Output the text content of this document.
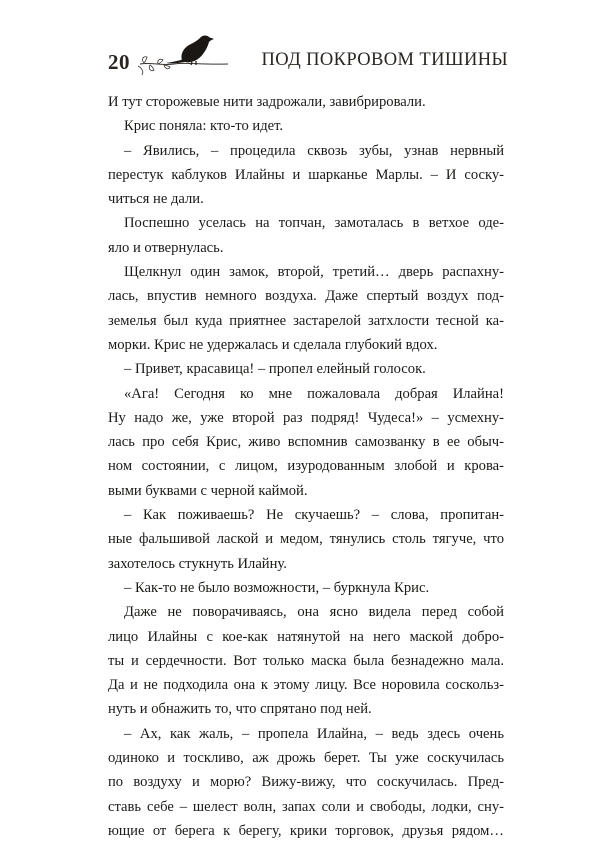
20	ПОД ПОКРОВОМ ТИШИНЫ
И тут сторожевые нити задрожали, завибрировали.
Крис поняла: кто-то идет.
– Явились, – процедила сквозь зубы, узнав нервный
перестук каблуков Илайны и шарканье Марлы. – И соску-
читься не дали.
Поспешно уселась на топчан, замоталась в ветхое оде-
яло и отвернулась.
Щелкнул один замок, второй, третий… дверь распахну-
лась, впустив немного воздуха. Даже спертый воздух под-
земелья был куда приятнее застарелой затхлости тесной ка-
морки. Крис не удержалась и сделала глубокий вдох.
– Привет, красавица! – пропел елейный голосок.
«Ага! Сегодня ко мне пожаловала добрая Илайна!
Ну надо же, уже второй раз подряд! Чудеса!» – усмехну-
лась про себя Крис, живо вспомнив самозванку в ее обыч-
ном состоянии, с лицом, изуродованным злобой и крова-
выми буквами с черной каймой.
– Как поживаешь? Не скучаешь? – слова, пропитан-
ные фальшивой лаской и медом, тянулись столь тягуче, что
захотелось стукнуть Илайну.
– Как-то не было возможности, – буркнула Крис.
Даже не поворачиваясь, она ясно видела перед собой
лицо Илайны с кое-как натянутой на него маской добро-
ты и сердечности. Вот только маска была безнадежно мала.
Да и не подходила она к этому лицу. Все норовила соскольз-
нуть и обнажить то, что спрятано под ней.
– Ах, как жаль, – пропела Илайна, – ведь здесь очень
одиноко и тоскливо, аж дрожь берет. Ты уже соскучилась
по воздуху и морю? Вижу-вижу, что соскучилась. Пред-
ставь себе – шелест волн, запах соли и свободы, лодки, сну-
ющие от берега к берегу, крики торговок, друзья рядом…
